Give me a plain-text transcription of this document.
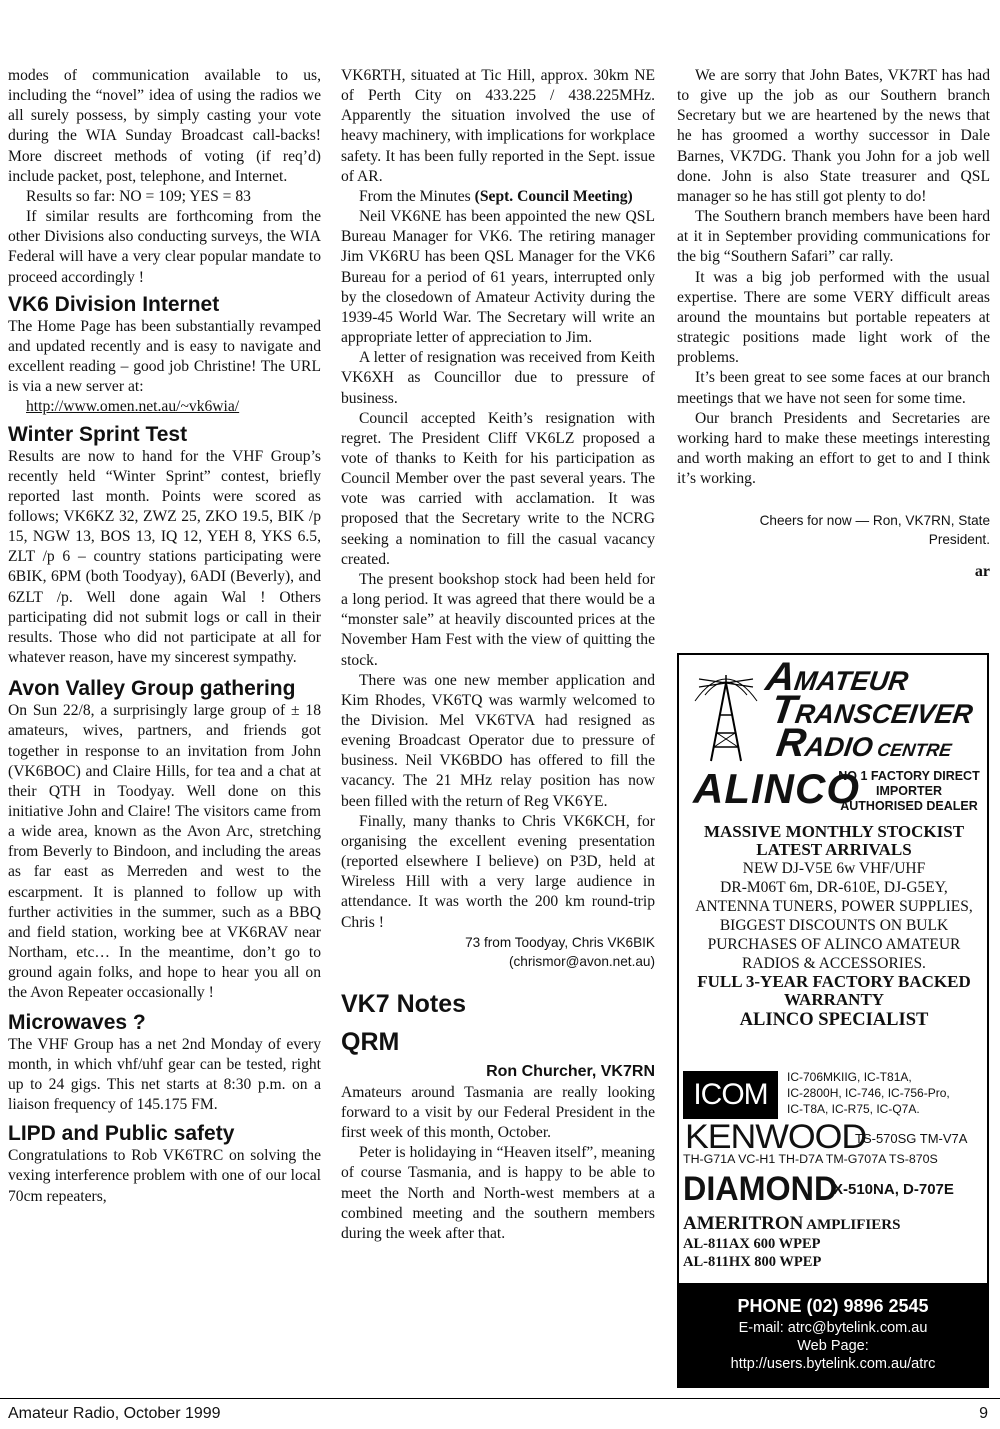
modes of communication available to us, including the “novel” idea of using the radios we all surely possess, by simply casting your vote during the WIA Sunday Broadcast call-backs! More discreet methods of voting (if req’d) include packet, post, telephone, and Internet.

Results so far: NO = 109; YES = 83

If similar results are forthcoming from the other Divisions also conducting surveys, the WIA Federal will have a very clear popular mandate to proceed accordingly !

VK6 Division Internet

The Home Page has been substantially revamped and updated recently and is easy to navigate and excellent reading – good job Christine! The URL is via a new server at:

http://www.omen.net.au/~vk6wia/

Winter Sprint Test

Results are now to hand for the VHF Group’s recently held “Winter Sprint” contest, briefly reported last month. Points were scored as follows; VK6KZ 32, ZWZ 25, ZKO 19.5, BIK /p 15, NGW 13, BOS 13, IQ 12, YEH 8, YKS 6.5, ZLT /p 6 – country stations participating were 6BIK, 6PM (both Toodyay), 6ADI (Beverly), and 6ZLT /p. Well done again Wal ! Others participating did not submit logs or call in their results. Those who did not participate at all for whatever reason, have my sincerest sympathy.

Avon Valley Group gathering

On Sun 22/8, a surprisingly large group of ± 18 amateurs, wives, partners, and friends got together in response to an invitation from John (VK6BOC) and Claire Hills, for tea and a chat at their QTH in Toodyay. Well done on this initiative John and Claire! The visitors came from a wide area, known as the Avon Arc, stretching from Beverly to Bindoon, and including the areas as far east as Merreden and west to the escarpment. It is planned to follow up with further activities in the summer, such as a BBQ and field station, working bee at VK6RAV near Northam, etc… In the meantime, don’t go to ground again folks, and hope to hear you all on the Avon Repeater occasionally !

Microwaves ?

The VHF Group has a net 2nd Monday of every month, in which vhf/uhf gear can be tested, right up to 24 gigs. This net starts at 8:30 p.m. on a liaison frequency of 145.175 FM.

LIPD and Public safety

Congratulations to Rob VK6TRC on solving the vexing interference problem with one of our local 70cm repeaters,

VK6RTH, situated at Tic Hill, approx. 30km NE of Perth City on 433.225 / 438.225MHz. Apparently the situation involved the use of heavy machinery, with implications for workplace safety. It has been fully reported in the Sept. issue of AR.

From the Minutes (Sept. Council Meeting)

Neil VK6NE has been appointed the new QSL Bureau Manager for VK6. The retiring manager Jim VK6RU has been QSL Manager for the VK6 Bureau for a period of 61 years, interrupted only by the closedown of Amateur Activity during the 1939-45 World War. The Secretary will write an appropriate letter of appreciation to Jim.

A letter of resignation was received from Keith VK6XH as Councillor due to pressure of business.

Council accepted Keith’s resignation with regret. The President Cliff VK6LZ proposed a vote of thanks to Keith for his participation as Council Member over the past several years. The vote was carried with acclamation. It was proposed that the Secretary write to the NCRG seeking a nomination to fill the casual vacancy created.

The present bookshop stock had been held for a long period. It was agreed that there would be a “monster sale” at heavily discounted prices at the November Ham Fest with the view of quitting the stock.

There was one new member application and Kim Rhodes, VK6TQ was warmly welcomed to the Division. Mel VK6TVA had resigned as evening Broadcast Operator due to pressure of business. Neil VK6BDO has offered to fill the vacancy. The 21 MHz relay position has now been filled with the return of Reg VK6YE.

Finally, many thanks to Chris VK6KCH, for organising the excellent evening presentation (reported elsewhere I believe) on P3D, held at Wireless Hill with a very large audience in attendance. It was worth the 200 km round-trip Chris !

73 from Toodyay, Chris VK6BIK

(chrismor@avon.net.au)

VK7 Notes
QRM

Ron Churcher, VK7RN

Amateurs around Tasmania are really looking forward to a visit by our Federal President in the first week of this month, October.

Peter is holidaying in “Heaven itself”, meaning of course Tasmania, and is happy to be able to meet the North and North-west members at a combined meeting and the southern members during the week after that.

We are sorry that John Bates, VK7RT has had to give up the job as our Southern branch Secretary but we are heartened by the news that he has groomed a worthy successor in Dale Barnes, VK7DG. Thank you John for a job well done. John is also State treasurer and QSL manager so he has still got plenty to do!

The Southern branch members have been hard at it in September providing communications for the big “Southern Safari” car rally.

It was a big job performed with the usual expertise. There are some VERY difficult areas around the mountains but portable repeaters at strategic positions made light work of the problems.

It’s been great to see some faces at our branch meetings that we have not seen for some time.

Our branch Presidents and Secretaries are working hard to make these meetings interesting and worth making an effort to get to and I think it’s working.

Cheers for now — Ron, VK7RN, State President.

ar

AMATEUR
TRANSCEIVER
RADIO CENTRE
ALINCO
NO 1 FACTORY DIRECT
IMPORTER
AUTHORISED DEALER
MASSIVE MONTHLY STOCKIST
LATEST ARRIVALS
NEW DJ-V5E 6w VHF/UHF
DR-M06T 6m, DR-610E, DJ-G5EY,
ANTENNA TUNERS, POWER SUPPLIES,
BIGGEST DISCOUNTS ON BULK
PURCHASES OF ALINCO AMATEUR
RADIOS & ACCESSORIES.
FULL 3-YEAR FACTORY BACKED
WARRANTY
ALINCO SPECIALIST
ICOM
IC-706MKIIG, IC-T81A,
IC-2800H, IC-746, IC-756-Pro,
IC-T8A, IC-R75, IC-Q7A.
KENWOOD
TS-570SG TM-V7A
TH-G71A VC-H1 TH-D7A TM-G707A TS-870S
DIAMOND
X-510NA, D-707E
AMERITRON AMPLIFIERS
AL-811AX 600 WPEP
AL-811HX 800 WPEP
PHONE (02) 9896 2545
E-mail: atrc@bytelink.com.au
Web Page:
http://users.bytelink.com.au/atrc
Amateur Radio, October 1999	9
